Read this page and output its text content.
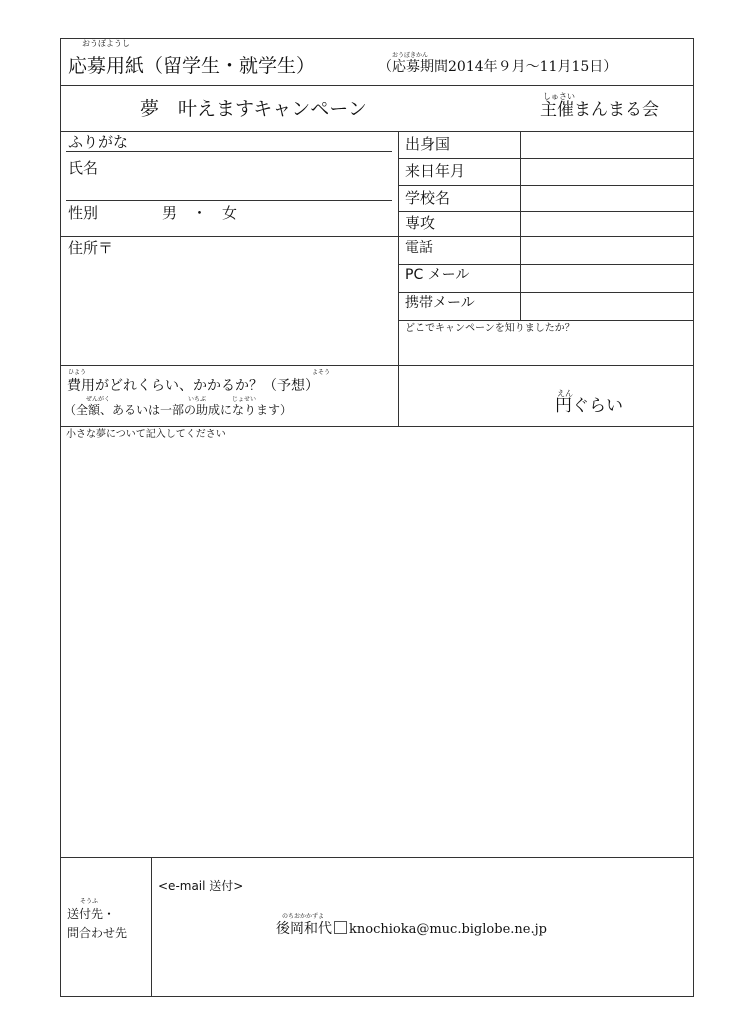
おうぼようし
応募用紙（留学生・就学生）	おうぼきかん
（応募期間2014年９月～11月15日）
夢　叶えますキャンペーン
しゅさい
主催まんまる会
ふりがな
氏名
性別	男　・　女
住所〒
出身国
来日年月
学校名
専攻
電話
PC メール
携帯メール
どこでキャンペーンを知りましたか？
ひよう	よそう
費用がどれくらい、かかるか？（予想）
ぜんがく	いちぶ	じょせい
（全額、あるいは一部の助成になります）
えん
円ぐらい
小さな夢について記入してください
そうふ
送付先・
問合わせ先
<e-mail 送付>
のちおかかずよ
後岡和代 knochioka@muc.biglobe.ne.jp
